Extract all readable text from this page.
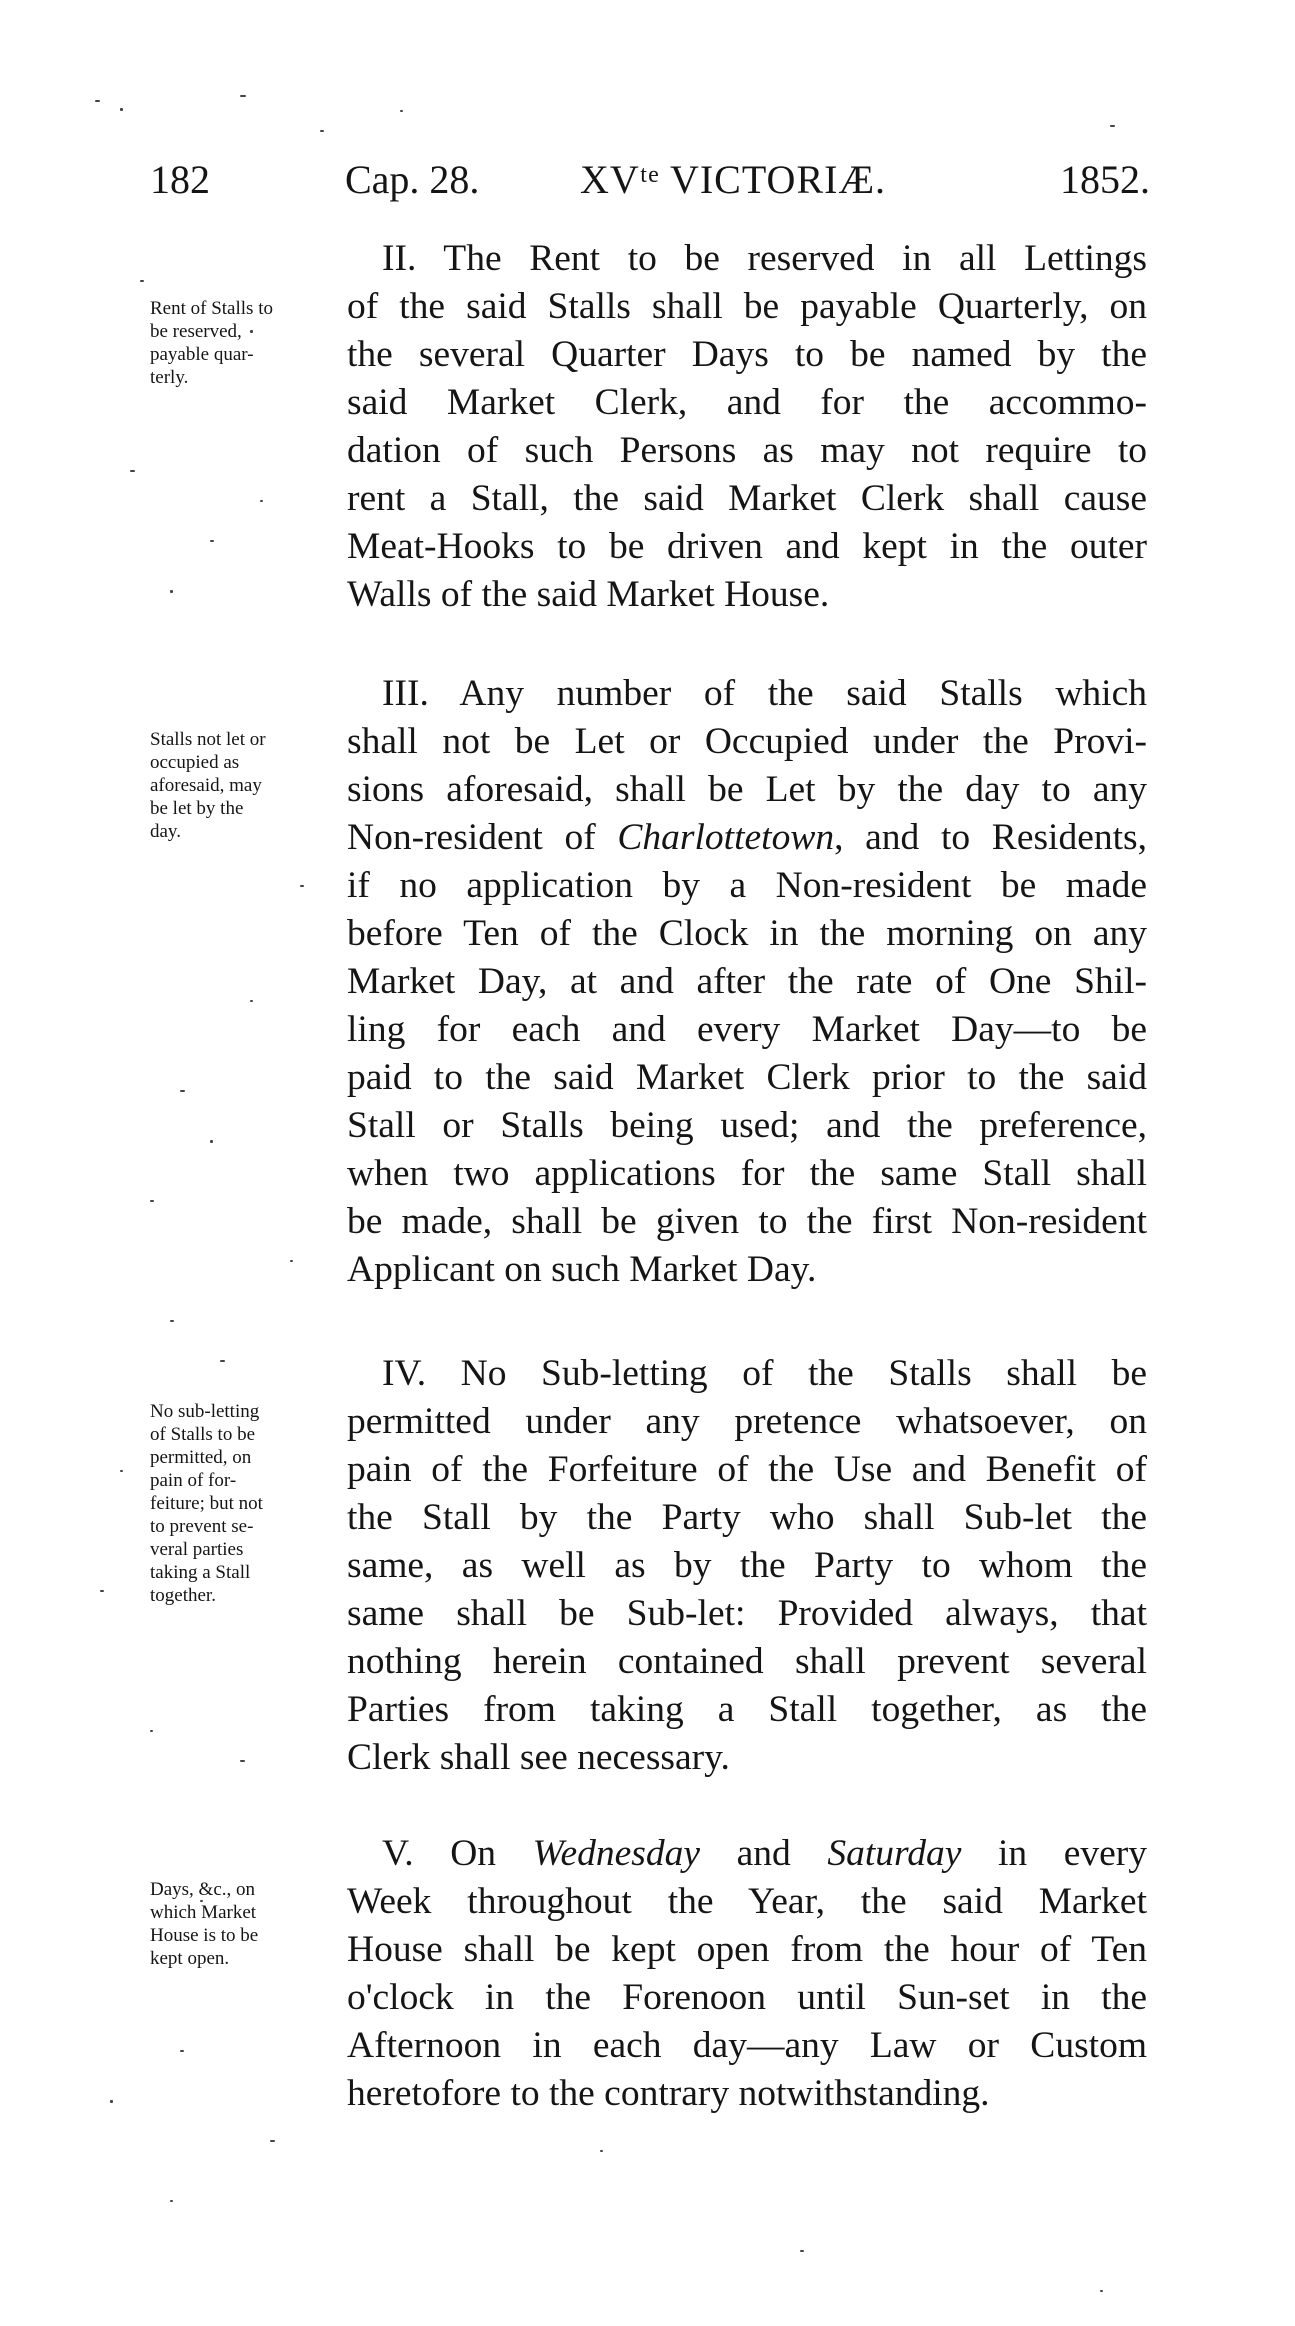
182	Cap. 28.	XVᵗᵉ VICTORIÆ.	1852.
Rent of Stalls to
be reserved,
payable quar-
terly.
II. The Rent to be reserved in all Lettings
of the said Stalls shall be payable Quarterly, on
the several Quarter Days to be named by the
said Market Clerk, and for the accommo-
dation of such Persons as may not require to
rent a Stall, the said Market Clerk shall cause
Meat-Hooks to be driven and kept in the outer
Walls of the said Market House.
Stalls not let or
occupied as
aforesaid, may
be let by the
day.
III. Any number of the said Stalls which
shall not be Let or Occupied under the Provi-
sions aforesaid, shall be Let by the day to any
Non-resident of Charlottetown, and to Residents,
if no application by a Non-resident be made
before Ten of the Clock in the morning on any
Market Day, at and after the rate of One Shil-
ling for each and every Market Day—to be
paid to the said Market Clerk prior to the said
Stall or Stalls being used; and the preference,
when two applications for the same Stall shall
be made, shall be given to the first Non-resident
Applicant on such Market Day.
No sub-letting
of Stalls to be
permitted, on
pain of for-
feiture; but not
to prevent se-
veral parties
taking a Stall
together.
IV. No Sub-letting of the Stalls shall be
permitted under any pretence whatsoever, on
pain of the Forfeiture of the Use and Benefit of
the Stall by the Party who shall Sub-let the
same, as well as by the Party to whom the
same shall be Sub-let: Provided always, that
nothing herein contained shall prevent several
Parties from taking a Stall together, as the
Clerk shall see necessary.
Days, &c., on
which Market
House is to be
kept open.
V. On Wednesday and Saturday in every
Week throughout the Year, the said Market
House shall be kept open from the hour of Ten
o'clock in the Forenoon until Sun-set in the
Afternoon in each day—any Law or Custom
heretofore to the contrary notwithstanding.
